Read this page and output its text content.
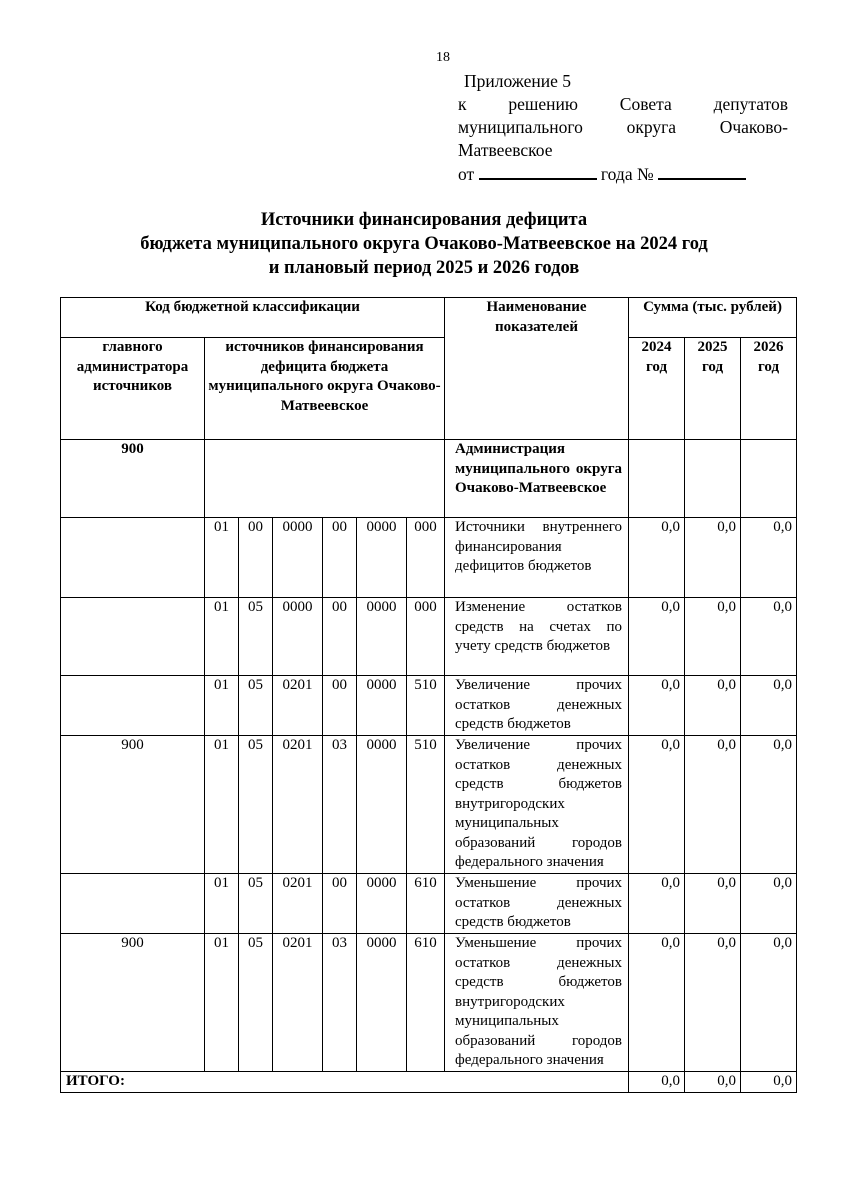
18
Приложение 5
к решению Совета депутатов
муниципального округа Очаково-
Матвеевское
от	года №
Источники финансирования дефицита
бюджета муниципального округа Очаково-Матвеевское на 2024 год
и плановый период 2025 и 2026 годов
Код бюджетной классификации							Наименование показателей	Сумма (тыс. рублей)		
главного администратора источников	источников финансирования дефицита бюджета муниципального округа Очаково-Матвеевское							2024 год	2025 год	2026 год

900							Администрация муниципального округа Очаково-Матвеевское			
	01	00	0000	00	0000	000	Источники внутреннего финансирования дефицитов бюджетов	0,0	0,0	0,0
	01	05	0000	00	0000	000	Изменение остатков средств на счетах по учету средств бюджетов	0,0	0,0	0,0
	01	05	0201	00	0000	510	Увеличение прочих остатков денежных средств бюджетов	0,0	0,0	0,0
900	01	05	0201	03	0000	510	Увеличение прочих остатков денежных средств бюджетов внутригородских муниципальных образований городов федерального значения	0,0	0,0	0,0
	01	05	0201	00	0000	610	Уменьшение прочих остатков денежных средств бюджетов	0,0	0,0	0,0
900	01	05	0201	03	0000	610	Уменьшение прочих остатков денежных средств бюджетов внутригородских муниципальных образований городов федерального значения	0,0	0,0	0,0
ИТОГО:								0,0	0,0	0,0
